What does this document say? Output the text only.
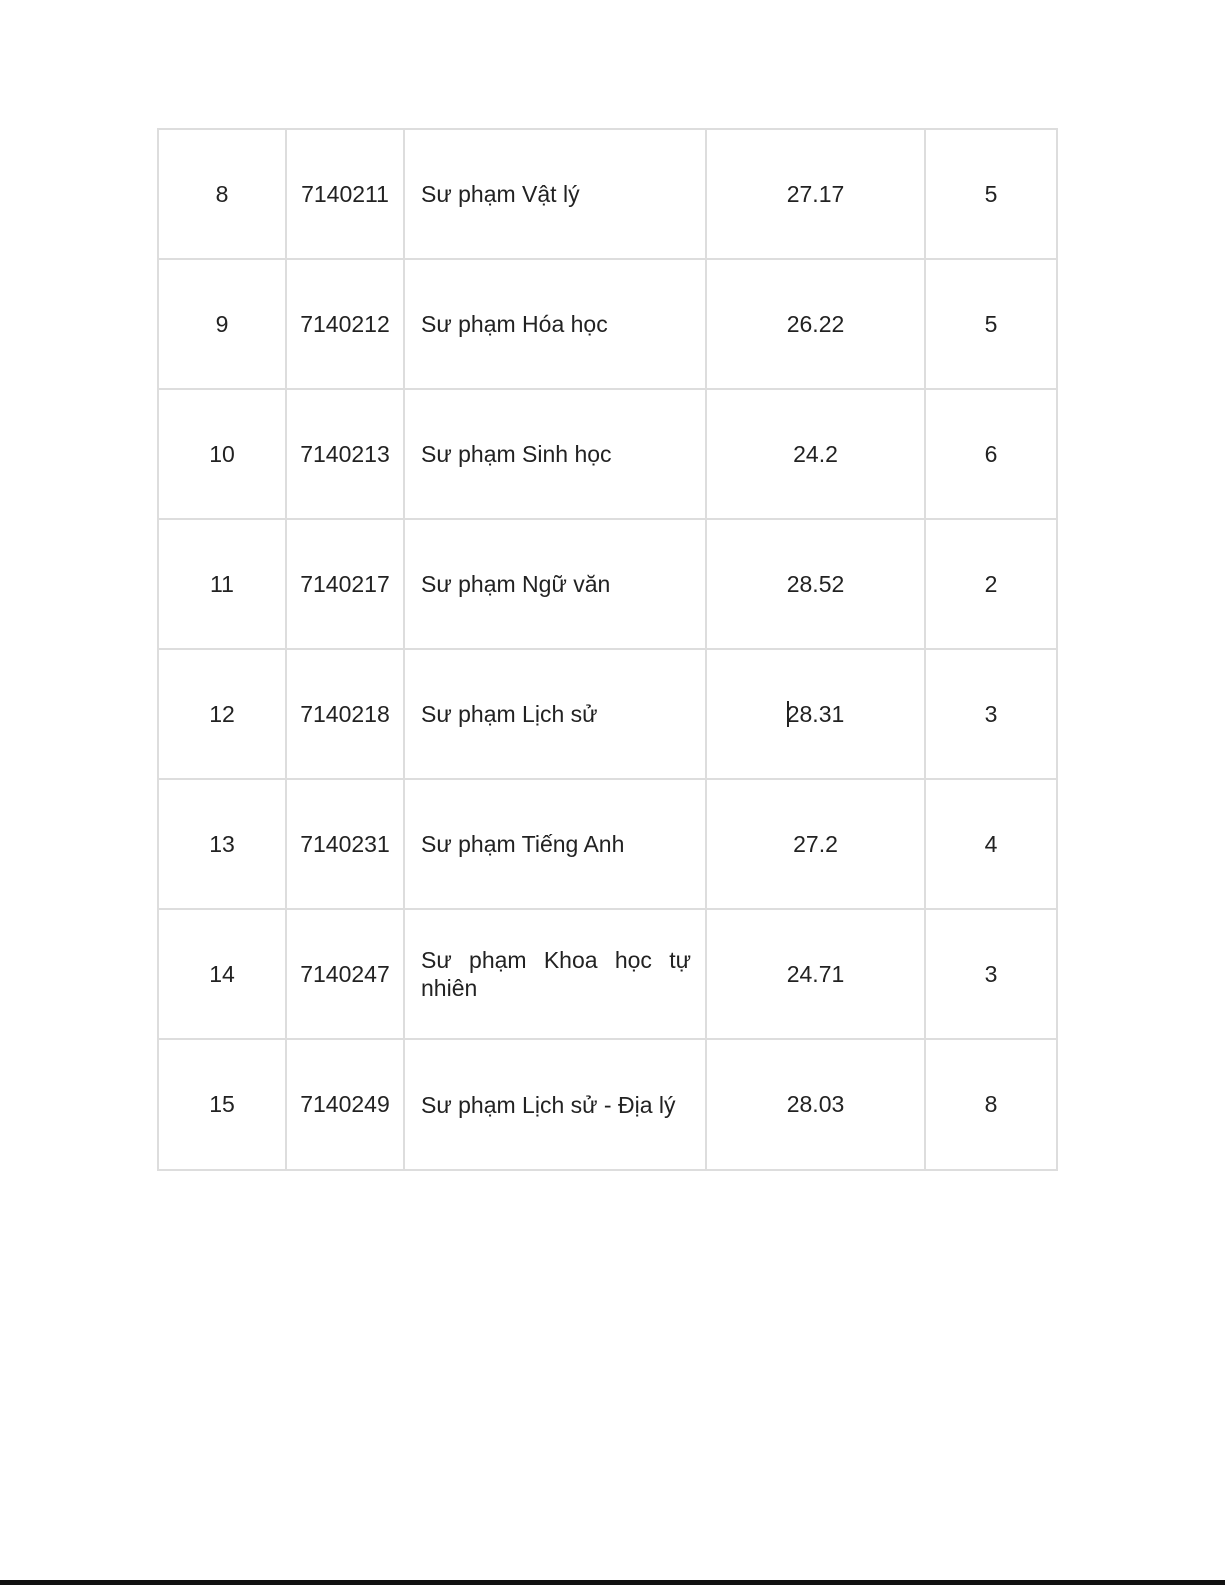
8	7140211	Sư phạm Vật lý	27.17	5
9	7140212	Sư phạm Hóa học	26.22	5
10	7140213	Sư phạm Sinh học	24.2	6
11	7140217	Sư phạm Ngữ văn	28.52	2
12	7140218	Sư phạm Lịch sử	28.31	3
13	7140231	Sư phạm Tiếng Anh	27.2	4
14	7140247	Sư phạm Khoa học tự nhiên	24.71	3
15	7140249	Sư phạm Lịch sử - Địa lý	28.03	8
